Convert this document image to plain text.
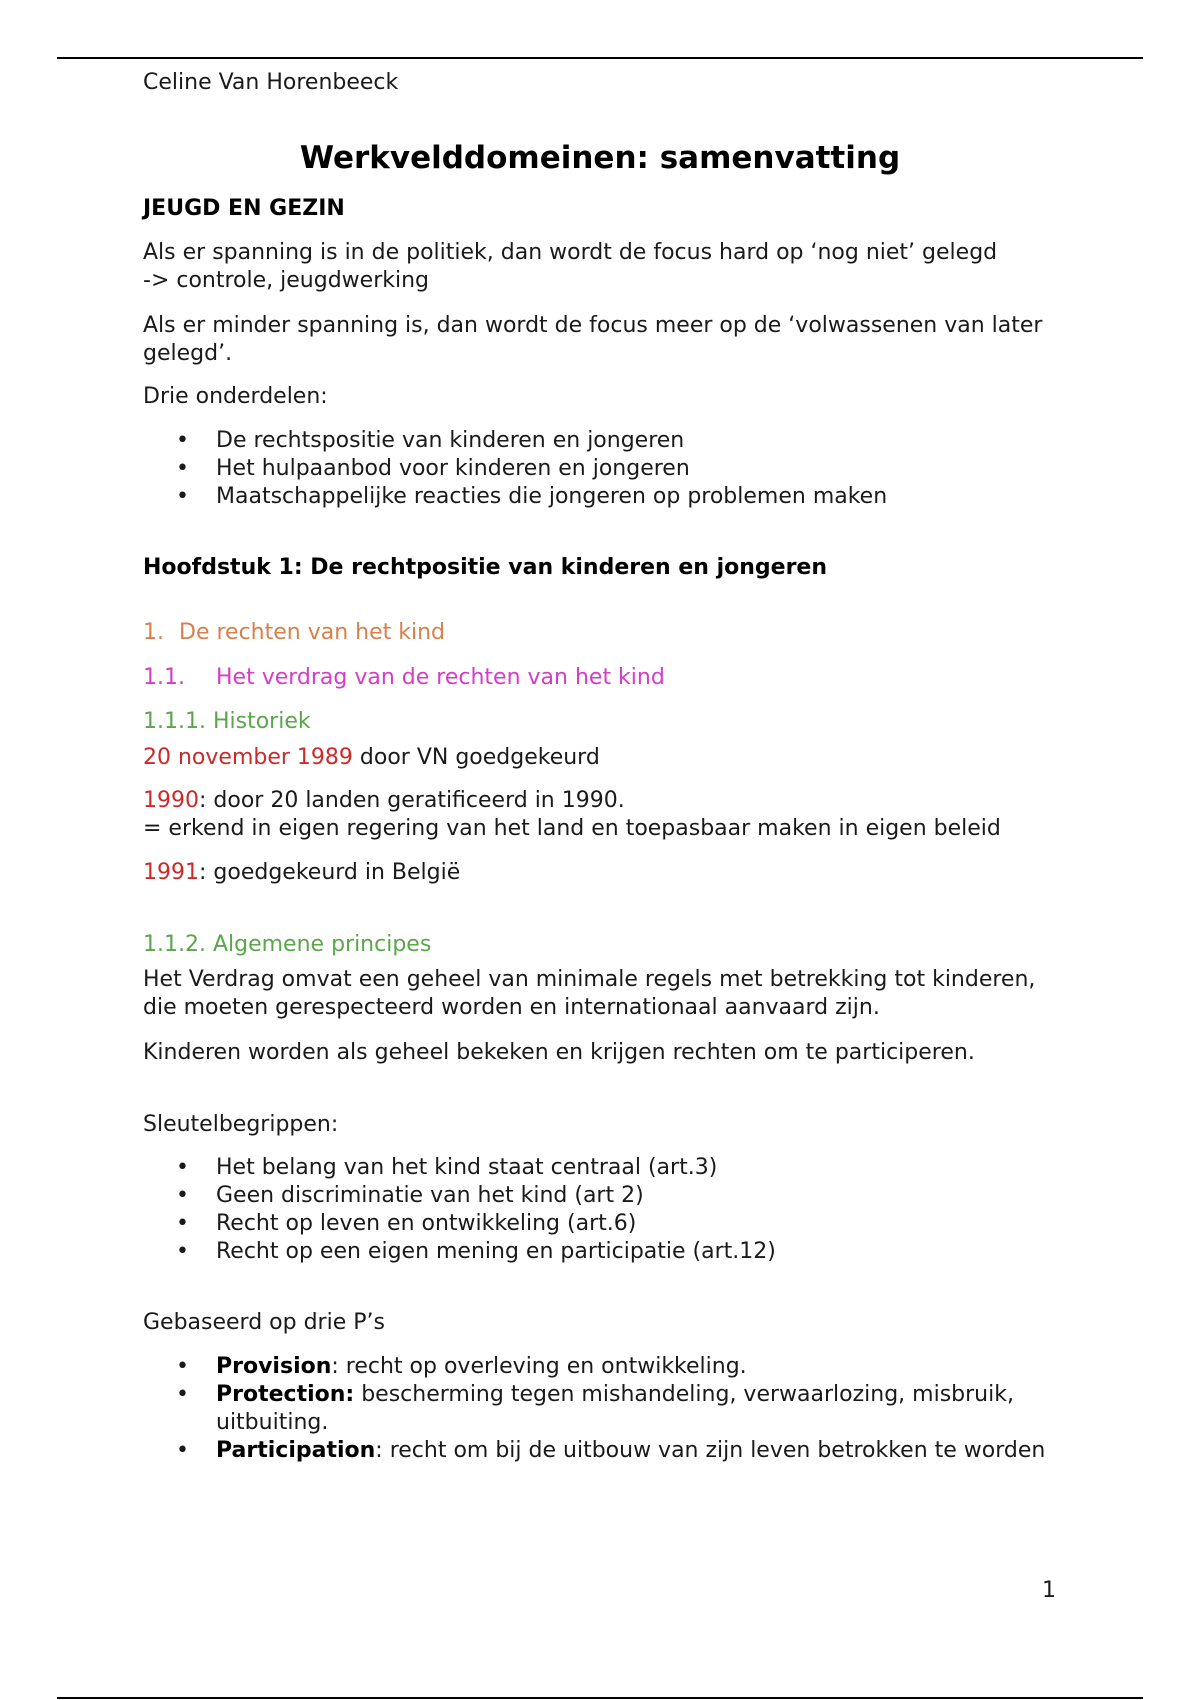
Celine Van Horenbeeck
Werkvelddomeinen: samenvatting
JEUGD EN GEZIN
Als er spanning is in de politiek, dan wordt de focus hard op ‘nog niet’ gelegd
-> controle, jeugdwerking
Als er minder spanning is, dan wordt de focus meer op de ‘volwassenen van later
gelegd’.
Drie onderdelen:
• De rechtspositie van kinderen en jongeren
• Het hulpaanbod voor kinderen en jongeren
• Maatschappelijke reacties die jongeren op problemen maken
Hoofdstuk 1: De rechtpositie van kinderen en jongeren
1. De rechten van het kind
1.1. Het verdrag van de rechten van het kind
1.1.1. Historiek
20 november 1989 door VN goedgekeurd
1990: door 20 landen geratificeerd in 1990.
= erkend in eigen regering van het land en toepasbaar maken in eigen beleid
1991: goedgekeurd in België
1.1.2. Algemene principes
Het Verdrag omvat een geheel van minimale regels met betrekking tot kinderen,
die moeten gerespecteerd worden en internationaal aanvaard zijn.
Kinderen worden als geheel bekeken en krijgen rechten om te participeren.
Sleutelbegrippen:
• Het belang van het kind staat centraal (art.3)
• Geen discriminatie van het kind (art 2)
• Recht op leven en ontwikkeling (art.6)
• Recht op een eigen mening en participatie (art.12)
Gebaseerd op drie P’s
• Provision: recht op overleving en ontwikkeling.
• Protection: bescherming tegen mishandeling, verwaarlozing, misbruik,
uitbuiting.
• Participation: recht om bij de uitbouw van zijn leven betrokken te worden
1
